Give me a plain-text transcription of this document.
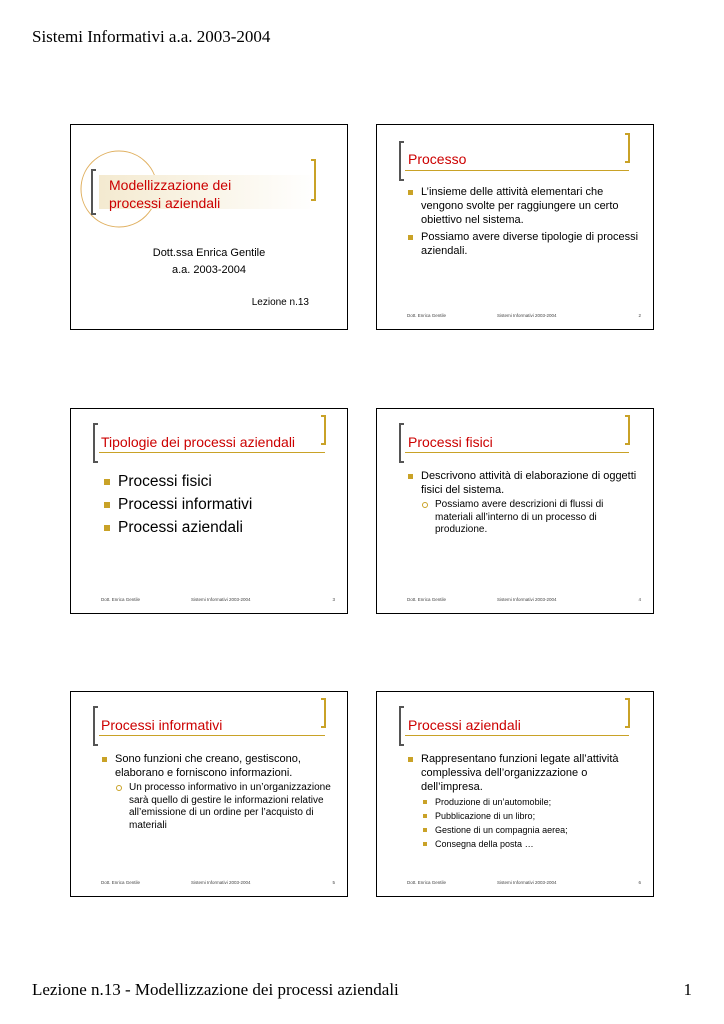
Sistemi Informativi a.a. 2003-2004
Modellizzazione dei
processi aziendali
Dott.ssa Enrica Gentile
a.a. 2003-2004
Lezione n.13
Processo
L’insieme delle attività elementari che vengono svolte per raggiungere un certo obiettivo nel sistema.
Possiamo avere diverse tipologie di processi aziendali.
Dott. Enrica Gentile	Sistemi Informativi 2003-2004	2
Tipologie dei processi aziendali
Processi fisici
Processi informativi
Processi aziendali
Dott. Enrica Gentile	Sistemi Informativi 2003-2004	3
Processi fisici
Descrivono attività di elaborazione di oggetti fisici del sistema.
Possiamo avere descrizioni di flussi di materiali all’interno di un processo di produzione.
Dott. Enrica Gentile	Sistemi Informativi 2003-2004	4
Processi informativi
Sono funzioni che creano, gestiscono, elaborano e forniscono informazioni.
Un processo informativo in un’organizzazione sarà quello di gestire le informazioni relative all’emissione di un ordine per l’acquisto di materiali
Dott. Enrica Gentile	Sistemi Informativi 2003-2004	5
Processi aziendali
Rappresentano funzioni legate all’attività complessiva dell’organizzazione o dell’impresa.
Produzione di un’automobile;
Pubblicazione di un libro;
Gestione di un compagnia aerea;
Consegna della posta …
Dott. Enrica Gentile	Sistemi Informativi 2003-2004	6
Lezione n.13 - Modellizzazione dei processi aziendali	1
